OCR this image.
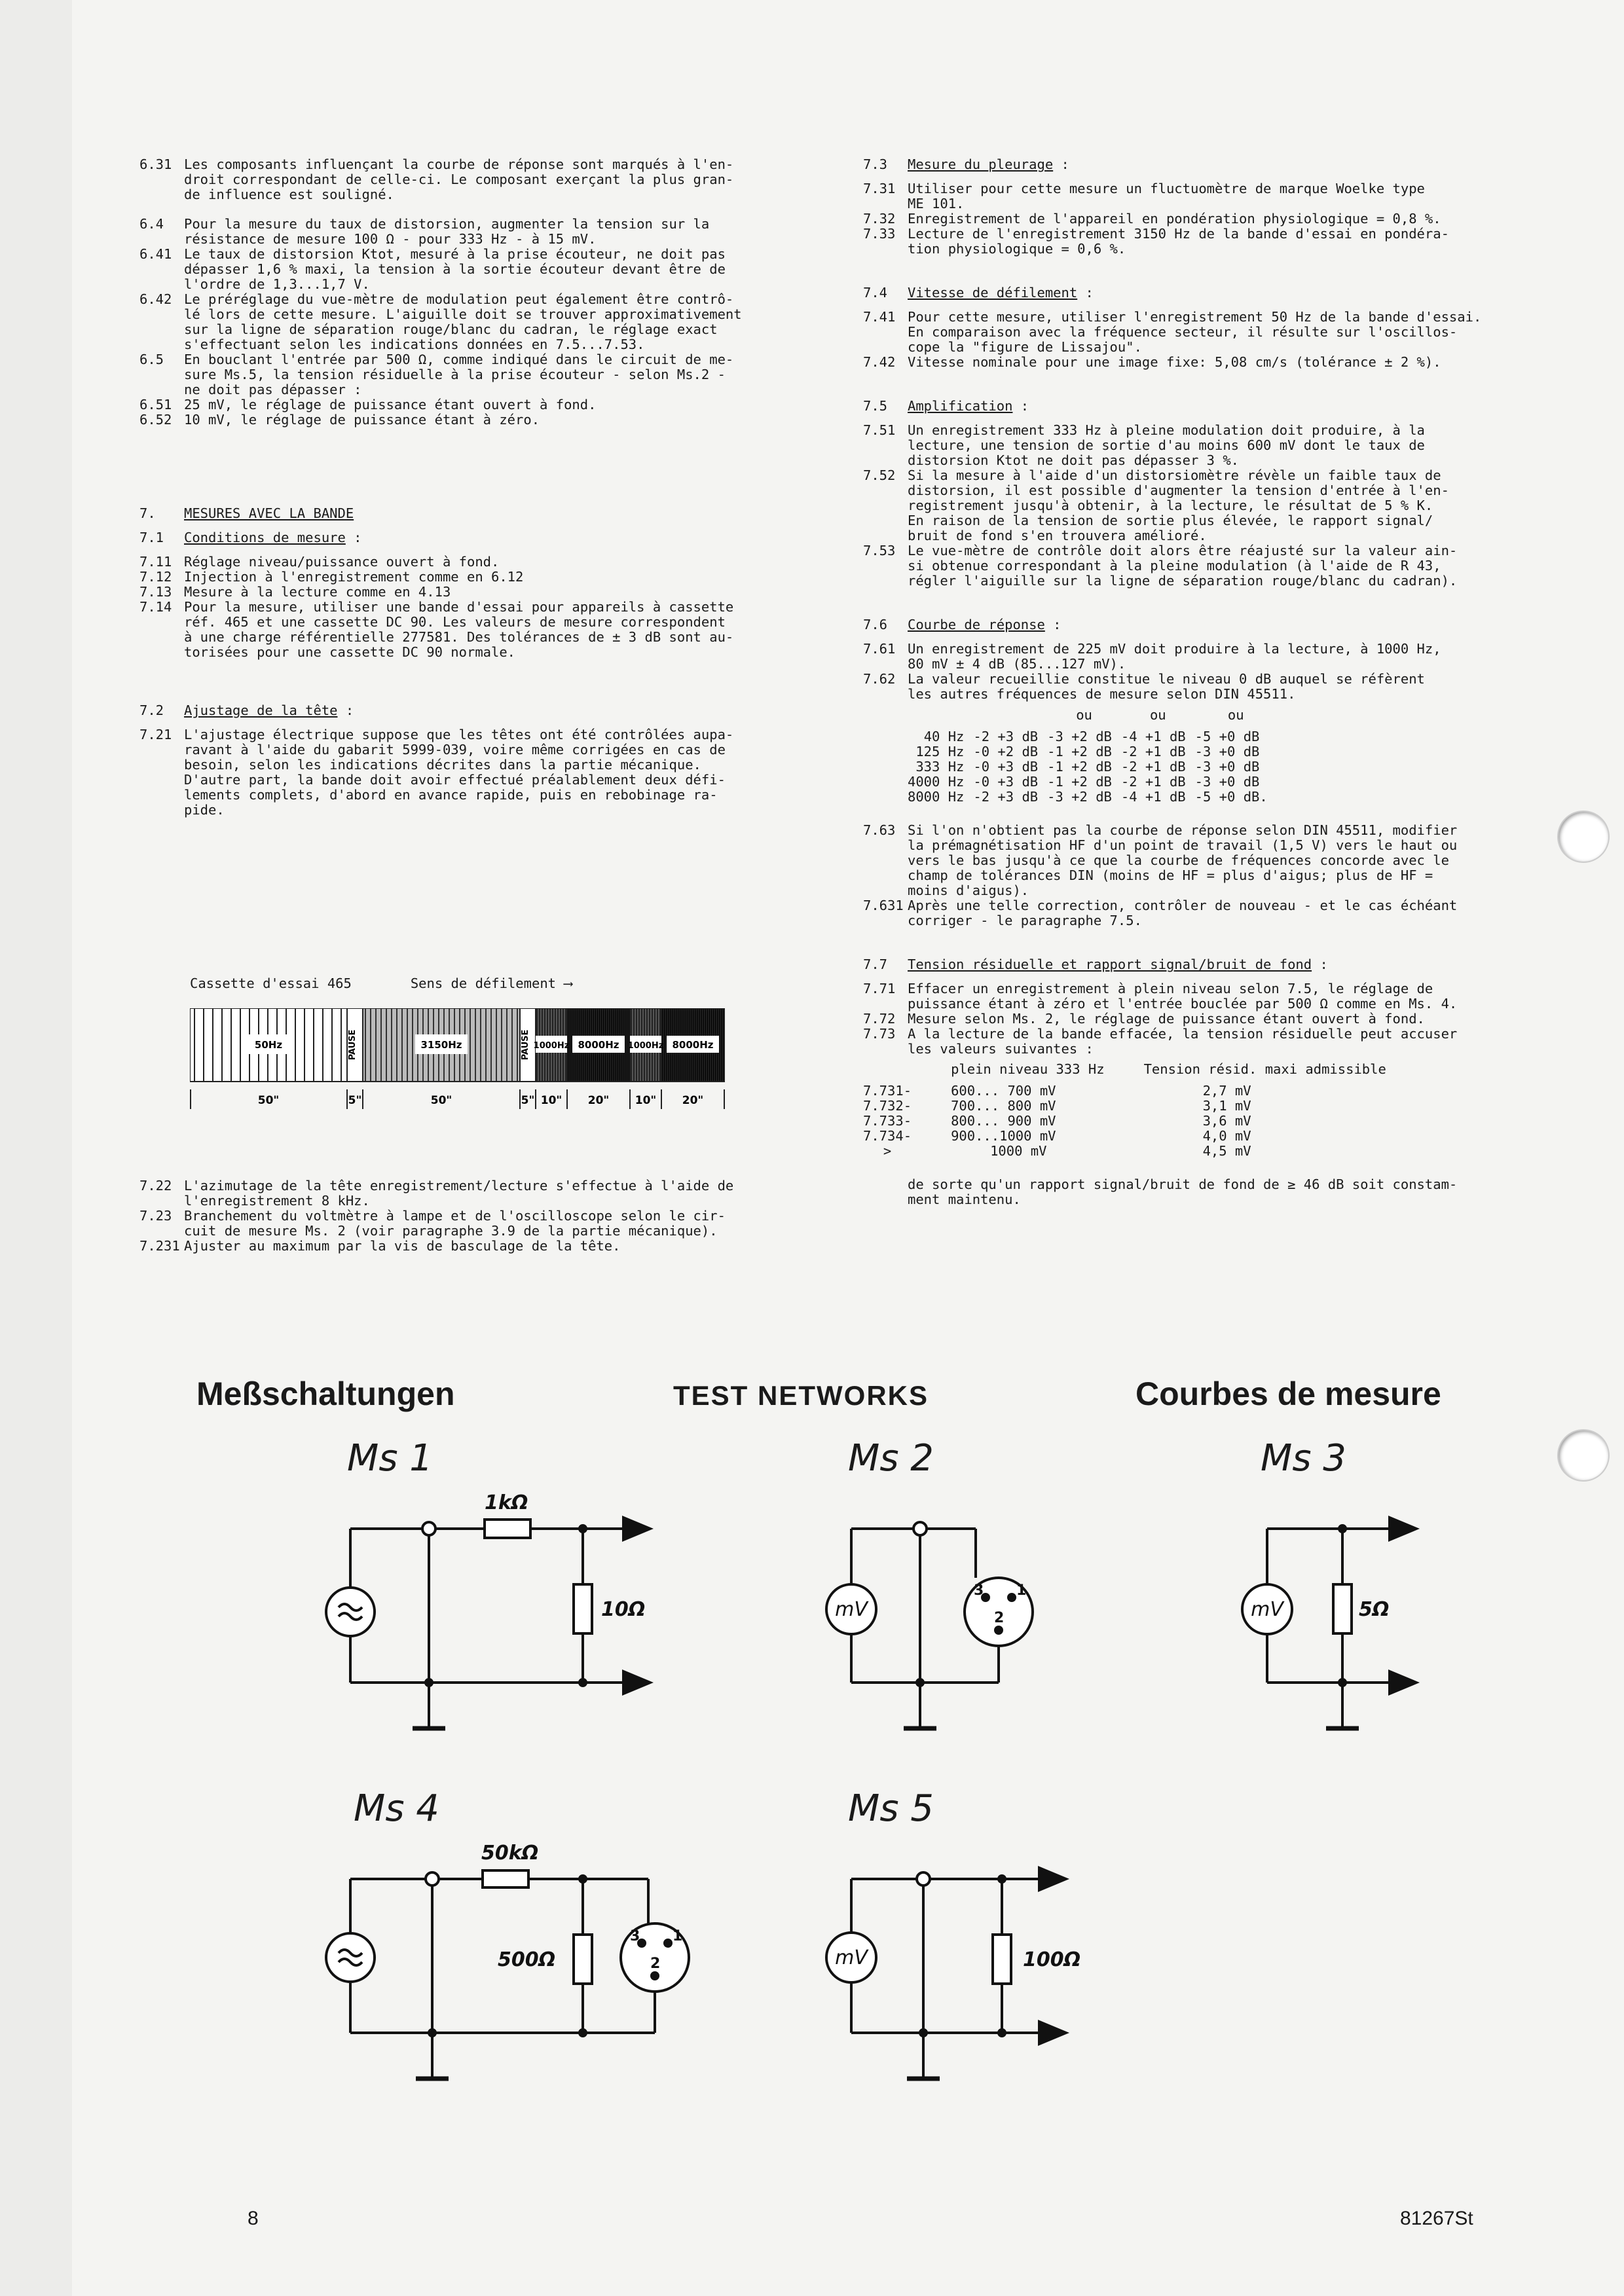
6.31 Les composants influençant la courbe de réponse sont marqués à l'en-
droit correspondant de celle-ci. Le composant exerçant la plus gran-
de influence est souligné.
6.4	Pour la mesure du taux de distorsion, augmenter la tension sur la
résistance de mesure 100 Ω - pour 333 Hz - à 15 mV.
6.41 Le taux de distorsion Ktot, mesuré à la prise écouteur, ne doit pas
dépasser 1,6 % maxi, la tension à la sortie écouteur devant être de
l'ordre de 1,3...1,7 V.
6.42 Le préréglage du vue-mètre de modulation peut également être contrô-
lé lors de cette mesure. L'aiguille doit se trouver approximativement
sur la ligne de séparation rouge/blanc du cadran, le réglage exact
s'effectuant selon les indications données en 7.5...7.53.
6.5	En bouclant l'entrée par 500 Ω, comme indiqué dans le circuit de me-
sure Ms.5, la tension résiduelle à la prise écouteur - selon Ms.2 -
ne doit pas dépasser :
6.51 25 mV, le réglage de puissance étant ouvert à fond.
6.52 10 mV, le réglage de puissance étant à zéro.
7.	MESURES AVEC LA BANDE
7.1	Conditions de mesure :
7.11 Réglage niveau/puissance ouvert à fond.
7.12 Injection à l'enregistrement comme en 6.12
7.13 Mesure à la lecture comme en 4.13
7.14 Pour la mesure, utiliser une bande d'essai pour appareils à cassette
réf. 465 et une cassette DC 90. Les valeurs de mesure correspondent
à une charge référentielle 277581. Des tolérances de ± 3 dB sont au-
torisées pour une cassette DC 90 normale.
7.2	Ajustage de la tête :
7.21 L'ajustage électrique suppose que les têtes ont été contrôlées aupa-
ravant à l'aide du gabarit 5999-039, voire même corrigées en cas de
besoin, selon les indications décrites dans la partie mécanique.
D'autre part, la bande doit avoir effectué préalablement deux défi-
lements complets, d'abord en avance rapide, puis en rebobinage ra-
pide.
Cassette d'essai 465	Sens de défilement ⟶
50Hz	PAUSE	3150Hz	PAUSE 1000Hz 8000Hz 1000Hz 8000Hz

50"	5"	50"	5" 10" 20" 10" 20"
7.22 L'azimutage de la tête enregistrement/lecture s'effectue à l'aide de
l'enregistrement 8 kHz.
7.23 Branchement du voltmètre à lampe et de l'oscilloscope selon le cir-
cuit de mesure Ms. 2 (voir paragraphe 3.9 de la partie mécanique).
7.231 Ajuster au maximum par la vis de basculage de la tête.
7.3	Mesure du pleurage :
7.31 Utiliser pour cette mesure un fluctuomètre de marque Woelke type
ME 101.
7.32 Enregistrement de l'appareil en pondération physiologique = 0,8 %.
7.33 Lecture de l'enregistrement 3150 Hz de la bande d'essai en pondéra-
tion physiologique = 0,6 %.
7.4	Vitesse de défilement :
7.41 Pour cette mesure, utiliser l'enregistrement 50 Hz de la bande d'essai.
En comparaison avec la fréquence secteur, il résulte sur l'oscillos-
cope la "figure de Lissajou".
7.42 Vitesse nominale pour une image fixe: 5,08 cm/s (tolérance ± 2 %).
7.5	Amplification :
7.51 Un enregistrement 333 Hz à pleine modulation doit produire, à la
lecture, une tension de sortie d'au moins 600 mV dont le taux de
distorsion Ktot ne doit pas dépasser 3 %.
7.52 Si la mesure à l'aide d'un distorsiomètre révèle un faible taux de
distorsion, il est possible d'augmenter la tension d'entrée à l'en-
registrement jusqu'à obtenir, à la lecture, le résultat de 5 % K.
En raison de la tension de sortie plus élevée, le rapport signal/
bruit de fond s'en trouvera amélioré.
7.53 Le vue-mètre de contrôle doit alors être réajusté sur la valeur ain-
si obtenue correspondant à la pleine modulation (à l'aide de R 43,
régler l'aiguille sur la ligne de séparation rouge/blanc du cadran).
7.6	Courbe de réponse :
7.61 Un enregistrement de 225 mV doit produire à la lecture, à 1000 Hz,
80 mV ± 4 dB (85...127 mV).
7.62 La valeur recueillie constitue le niveau 0 dB auquel se réfèrent
les autres fréquences de mesure selon DIN 45511.
		ou	ou	ou
40 Hz	-2 +3 dB	-3 +2 dB	-4 +1 dB	-5 +0 dB
125 Hz	-0 +2 dB	-1 +2 dB	-2 +1 dB	-3 +0 dB
333 Hz	-0 +3 dB	-1 +2 dB	-2 +1 dB	-3 +0 dB
4000 Hz	-0 +3 dB	-1 +2 dB	-2 +1 dB	-3 +0 dB
8000 Hz	-2 +3 dB	-3 +2 dB	-4 +1 dB	-5 +0 dB.
7.63 Si l'on n'obtient pas la courbe de réponse selon DIN 45511, modifier
la prémagnétisation HF d'un point de travail (1,5 V) vers le haut ou
vers le bas jusqu'à ce que la courbe de fréquences concorde avec le
champ de tolérances DIN (moins de HF = plus d'aigus; plus de HF =
moins d'aigus).
7.631 Après une telle correction, contrôler de nouveau - et le cas échéant
corriger - le paragraphe 7.5.
7.7	Tension résiduelle et rapport signal/bruit de fond :
7.71 Effacer un enregistrement à plein niveau selon 7.5, le réglage de
puissance étant à zéro et l'entrée bouclée par 500 Ω comme en Ms. 4.
7.72 Mesure selon Ms. 2, le réglage de puissance étant ouvert à fond.
7.73 A la lecture de la bande effacée, la tension résiduelle peut accuser
les valeurs suivantes :
	plein niveau 333 Hz	Tension résid. maxi admissible

7.731-	600... 700 mV	2,7 mV
7.732-	700... 800 mV	3,1 mV
7.733-	800... 900 mV	3,6 mV
7.734-	900...1000 mV	4,0 mV
>	1000 mV	4,5 mV
de sorte qu'un rapport signal/bruit de fond de ≥ 46 dB soit constam-
ment maintenu.
Meßschaltungen	TEST NETWORKS	Courbes de mesure
Ms 1	Ms 2	Ms 3
Ms 4	Ms 5
1kΩ
10Ω	mV
3 1
2	mV	5Ω
50kΩ
500Ω
3 1
2	mV	100Ω
8	81267St
